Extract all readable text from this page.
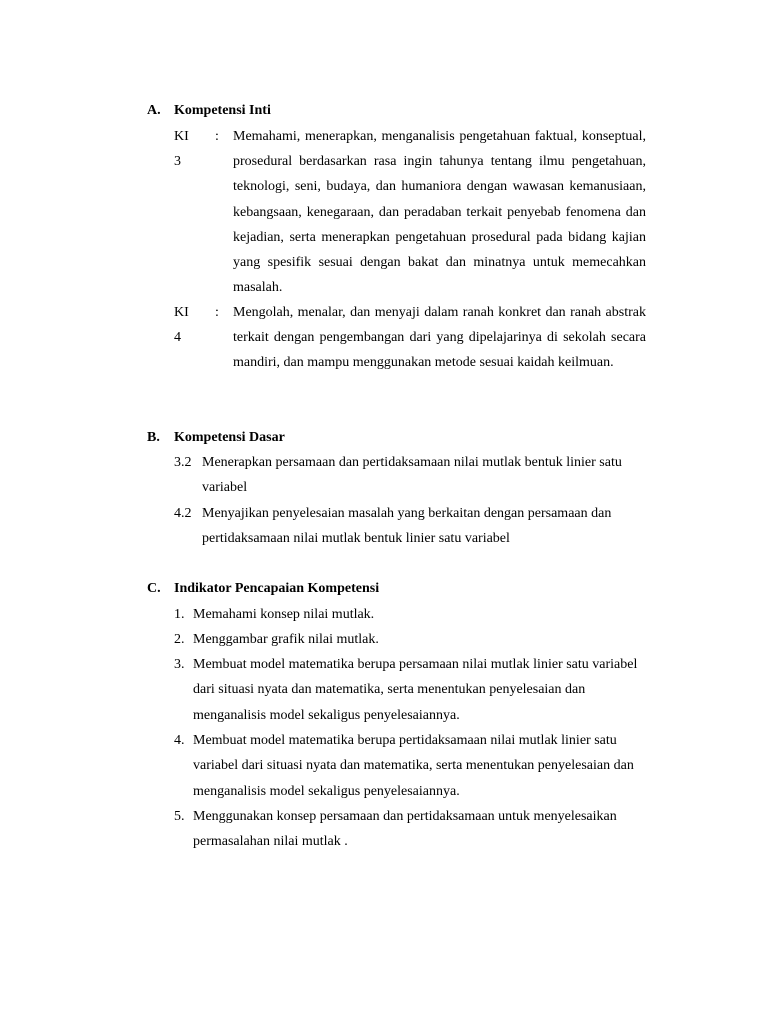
A. Kompetensi Inti
KI 3
: Memahami, menerapkan, menganalisis pengetahuan faktual, konseptual, prosedural berdasarkan rasa ingin tahunya tentang ilmu pengetahuan, teknologi, seni, budaya, dan humaniora dengan wawasan kemanusiaan, kebangsaan, kenegaraan, dan peradaban terkait penyebab fenomena dan kejadian, serta menerapkan pengetahuan prosedural pada bidang kajian yang spesifik sesuai dengan bakat dan minatnya untuk memecahkan masalah.
KI 4
: Mengolah, menalar, dan menyaji dalam ranah konkret dan ranah abstrak terkait dengan pengembangan dari yang dipelajarinya di sekolah secara mandiri, dan mampu menggunakan metode sesuai kaidah keilmuan.
B. Kompetensi Dasar
3.2 Menerapkan persamaan dan pertidaksamaan nilai mutlak bentuk linier satu variabel
4.2 Menyajikan penyelesaian masalah yang berkaitan dengan persamaan dan pertidaksamaan nilai mutlak bentuk linier satu variabel
C. Indikator Pencapaian Kompetensi
1. Memahami konsep nilai mutlak.
2. Menggambar grafik nilai mutlak.
3. Membuat model matematika berupa persamaan nilai mutlak linier satu variabel dari situasi nyata dan matematika, serta menentukan penyelesaian dan menganalisis model sekaligus penyelesaiannya.
4. Membuat model matematika berupa pertidaksamaan nilai mutlak linier satu variabel dari situasi nyata dan matematika, serta menentukan penyelesaian dan menganalisis model sekaligus penyelesaiannya.
5. Menggunakan konsep persamaan dan pertidaksamaan untuk menyelesaikan permasalahan nilai mutlak .
